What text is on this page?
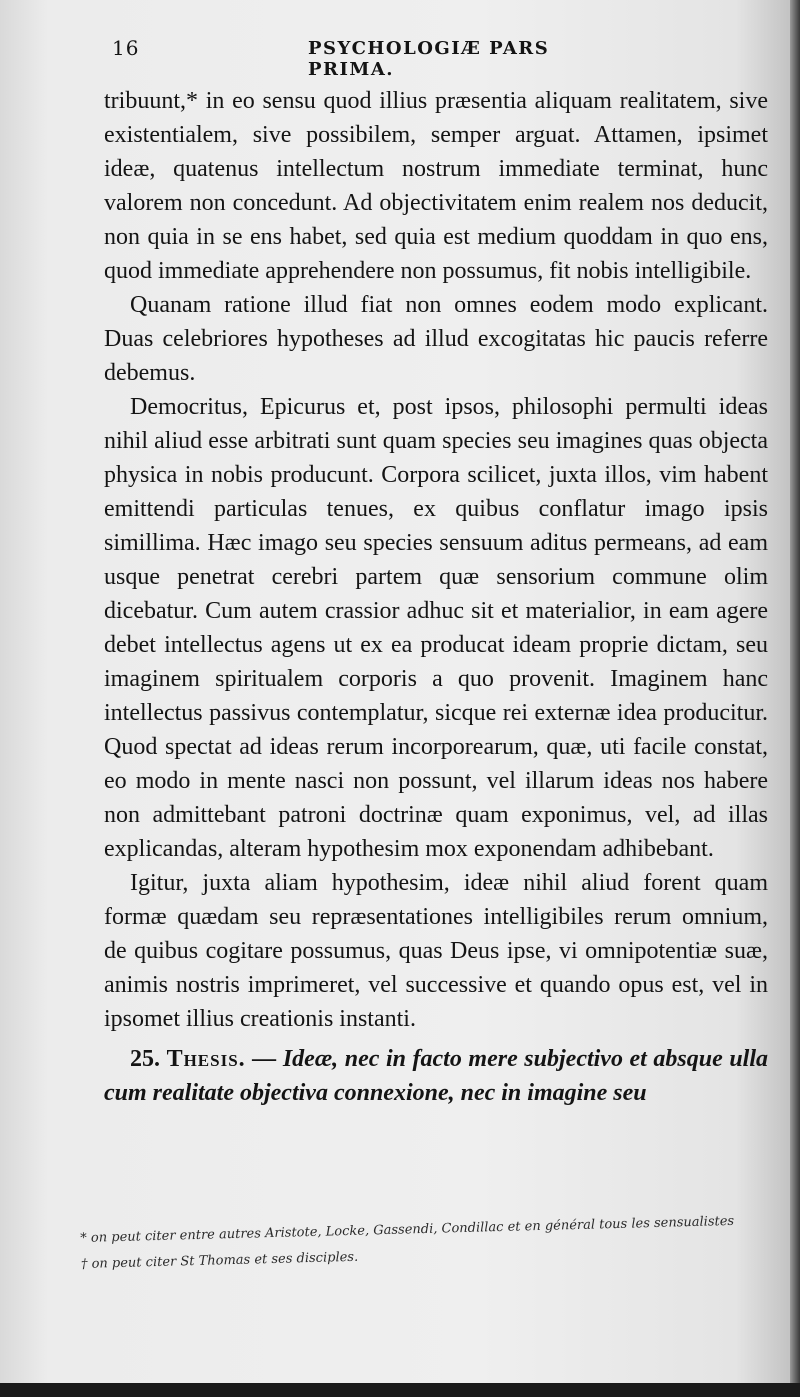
16	PSYCHOLOGIÆ PARS PRIMA.

tribuunt,* in eo sensu quod illius præsentia aliquam realitatem, sive existentialem, sive possibilem, semper arguat. Attamen, ipsimet ideæ, quatenus intellectum nostrum immediate terminat, hunc valorem non concedunt. Ad objectivitatem enim realem nos deducit, non quia in se ens habet, sed quia est medium quoddam in quo ens, quod immediate apprehendere non possumus, fit nobis intelligibile.

Quanam ratione illud fiat non omnes eodem modo explicant. Duas celebriores hypotheses ad illud excogitatas hic paucis referre debemus.

Democritus, Epicurus et, post ipsos, philosophi permulti ideas nihil aliud esse arbitrati sunt quam species seu imagines quas objecta physica in nobis producunt. Corpora scilicet, juxta illos, vim habent emittendi particulas tenues, ex quibus conflatur imago ipsis simillima. Hæc imago seu species sensuum aditus permeans, ad eam usque penetrat cerebri partem quæ sensorium commune olim dicebatur. Cum autem crassior adhuc sit et materialior, in eam agere debet intellectus agens ut ex ea producat ideam proprie dictam, seu imaginem spiritualem corporis a quo provenit. Imaginem hanc intellectus passivus contemplatur, sicque rei externæ idea producitur. Quod spectat ad ideas rerum incorporearum, quæ, uti facile constat, eo modo in mente nasci non possunt, vel illarum ideas nos habere non admittebant patroni doctrinæ quam exponimus, vel, ad illas explicandas, alteram hypothesim mox exponendam adhibebant.

Igitur, juxta aliam hypothesim, ideæ nihil aliud forent quam formæ quædam seu repræsentationes intelligibiles rerum omnium, de quibus cogitare possumus, quas Deus ipse, vi omnipotentiæ suæ, animis nostris imprimeret, vel successive et quando opus est, vel in ipsomet illius creationis instanti.

25. Thesis. — Ideæ, nec in facto mere subjectivo et absque ulla cum realitate objectiva connexione, nec in imagine seu

* on peut citer entre autres Aristote, Locke, Gassendi, Condillac et en général tous les sensualistes
† on peut citer St Thomas et ses disciples.
